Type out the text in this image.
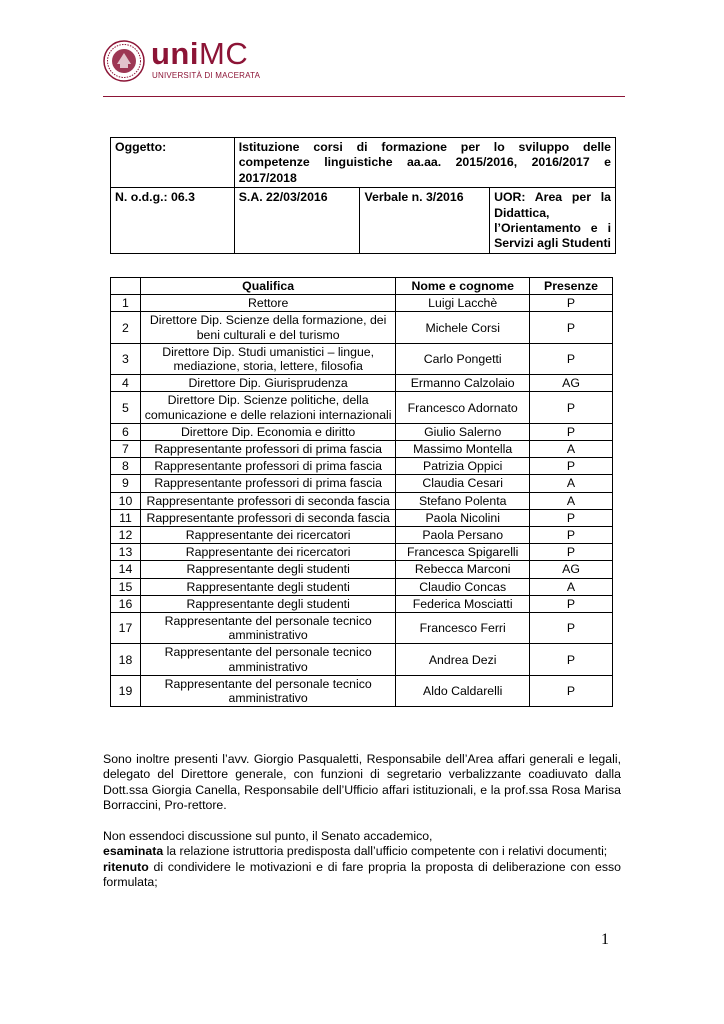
uniMC
UNIVERSITÀ DI MACERATA
Oggetto:	Istituzione corsi di formazione per lo sviluppo delle competenze linguistiche aa.aa. 2015/2016, 2016/2017 e 2017/2018		
N. o.d.g.: 06.3	S.A. 22/03/2016	Verbale n. 3/2016	UOR: Area per la Didattica, l’Orientamento e i Servizi agli Studenti
	Qualifica	Nome e cognome	Presenze
1	Rettore	Luigi Lacchè	P
2	Direttore Dip. Scienze della formazione, dei beni culturali e del turismo	Michele Corsi	P
3	Direttore Dip. Studi umanistici – lingue, mediazione, storia, lettere, filosofia	Carlo Pongetti	P
4	Direttore Dip. Giurisprudenza	Ermanno Calzolaio	AG
5	Direttore Dip. Scienze politiche, della comunicazione e delle relazioni internazionali	Francesco Adornato	P
6	Direttore Dip. Economia e diritto	Giulio Salerno	P
7	Rappresentante professori di prima fascia	Massimo Montella	A
8	Rappresentante professori di prima fascia	Patrizia Oppici	P
9	Rappresentante professori di prima fascia	Claudia Cesari	A
10	Rappresentante professori di seconda fascia	Stefano Polenta	A
11	Rappresentante professori di seconda fascia	Paola Nicolini	P
12	Rappresentante dei ricercatori	Paola Persano	P
13	Rappresentante dei ricercatori	Francesca Spigarelli	P
14	Rappresentante degli studenti	Rebecca Marconi	AG
15	Rappresentante degli studenti	Claudio Concas	A
16	Rappresentante degli studenti	Federica Mosciatti	P
17	Rappresentante del personale tecnico amministrativo	Francesco Ferri	P
18	Rappresentante del personale tecnico amministrativo	Andrea Dezi	P
19	Rappresentante del personale tecnico amministrativo	Aldo Caldarelli	P
Sono inoltre presenti l’avv. Giorgio Pasqualetti, Responsabile dell’Area affari generali e legali, delegato del Direttore generale, con funzioni di segretario verbalizzante coadiuvato dalla Dott.ssa Giorgia Canella, Responsabile dell’Ufficio affari istituzionali, e la prof.ssa Rosa Marisa Borraccini, Pro-rettore.
Non essendoci discussione sul punto, il Senato accademico,
esaminata la relazione istruttoria predisposta dall’ufficio competente con i relativi documenti;
ritenuto di condividere le motivazioni e di fare propria la proposta di deliberazione con esso formulata;
1
